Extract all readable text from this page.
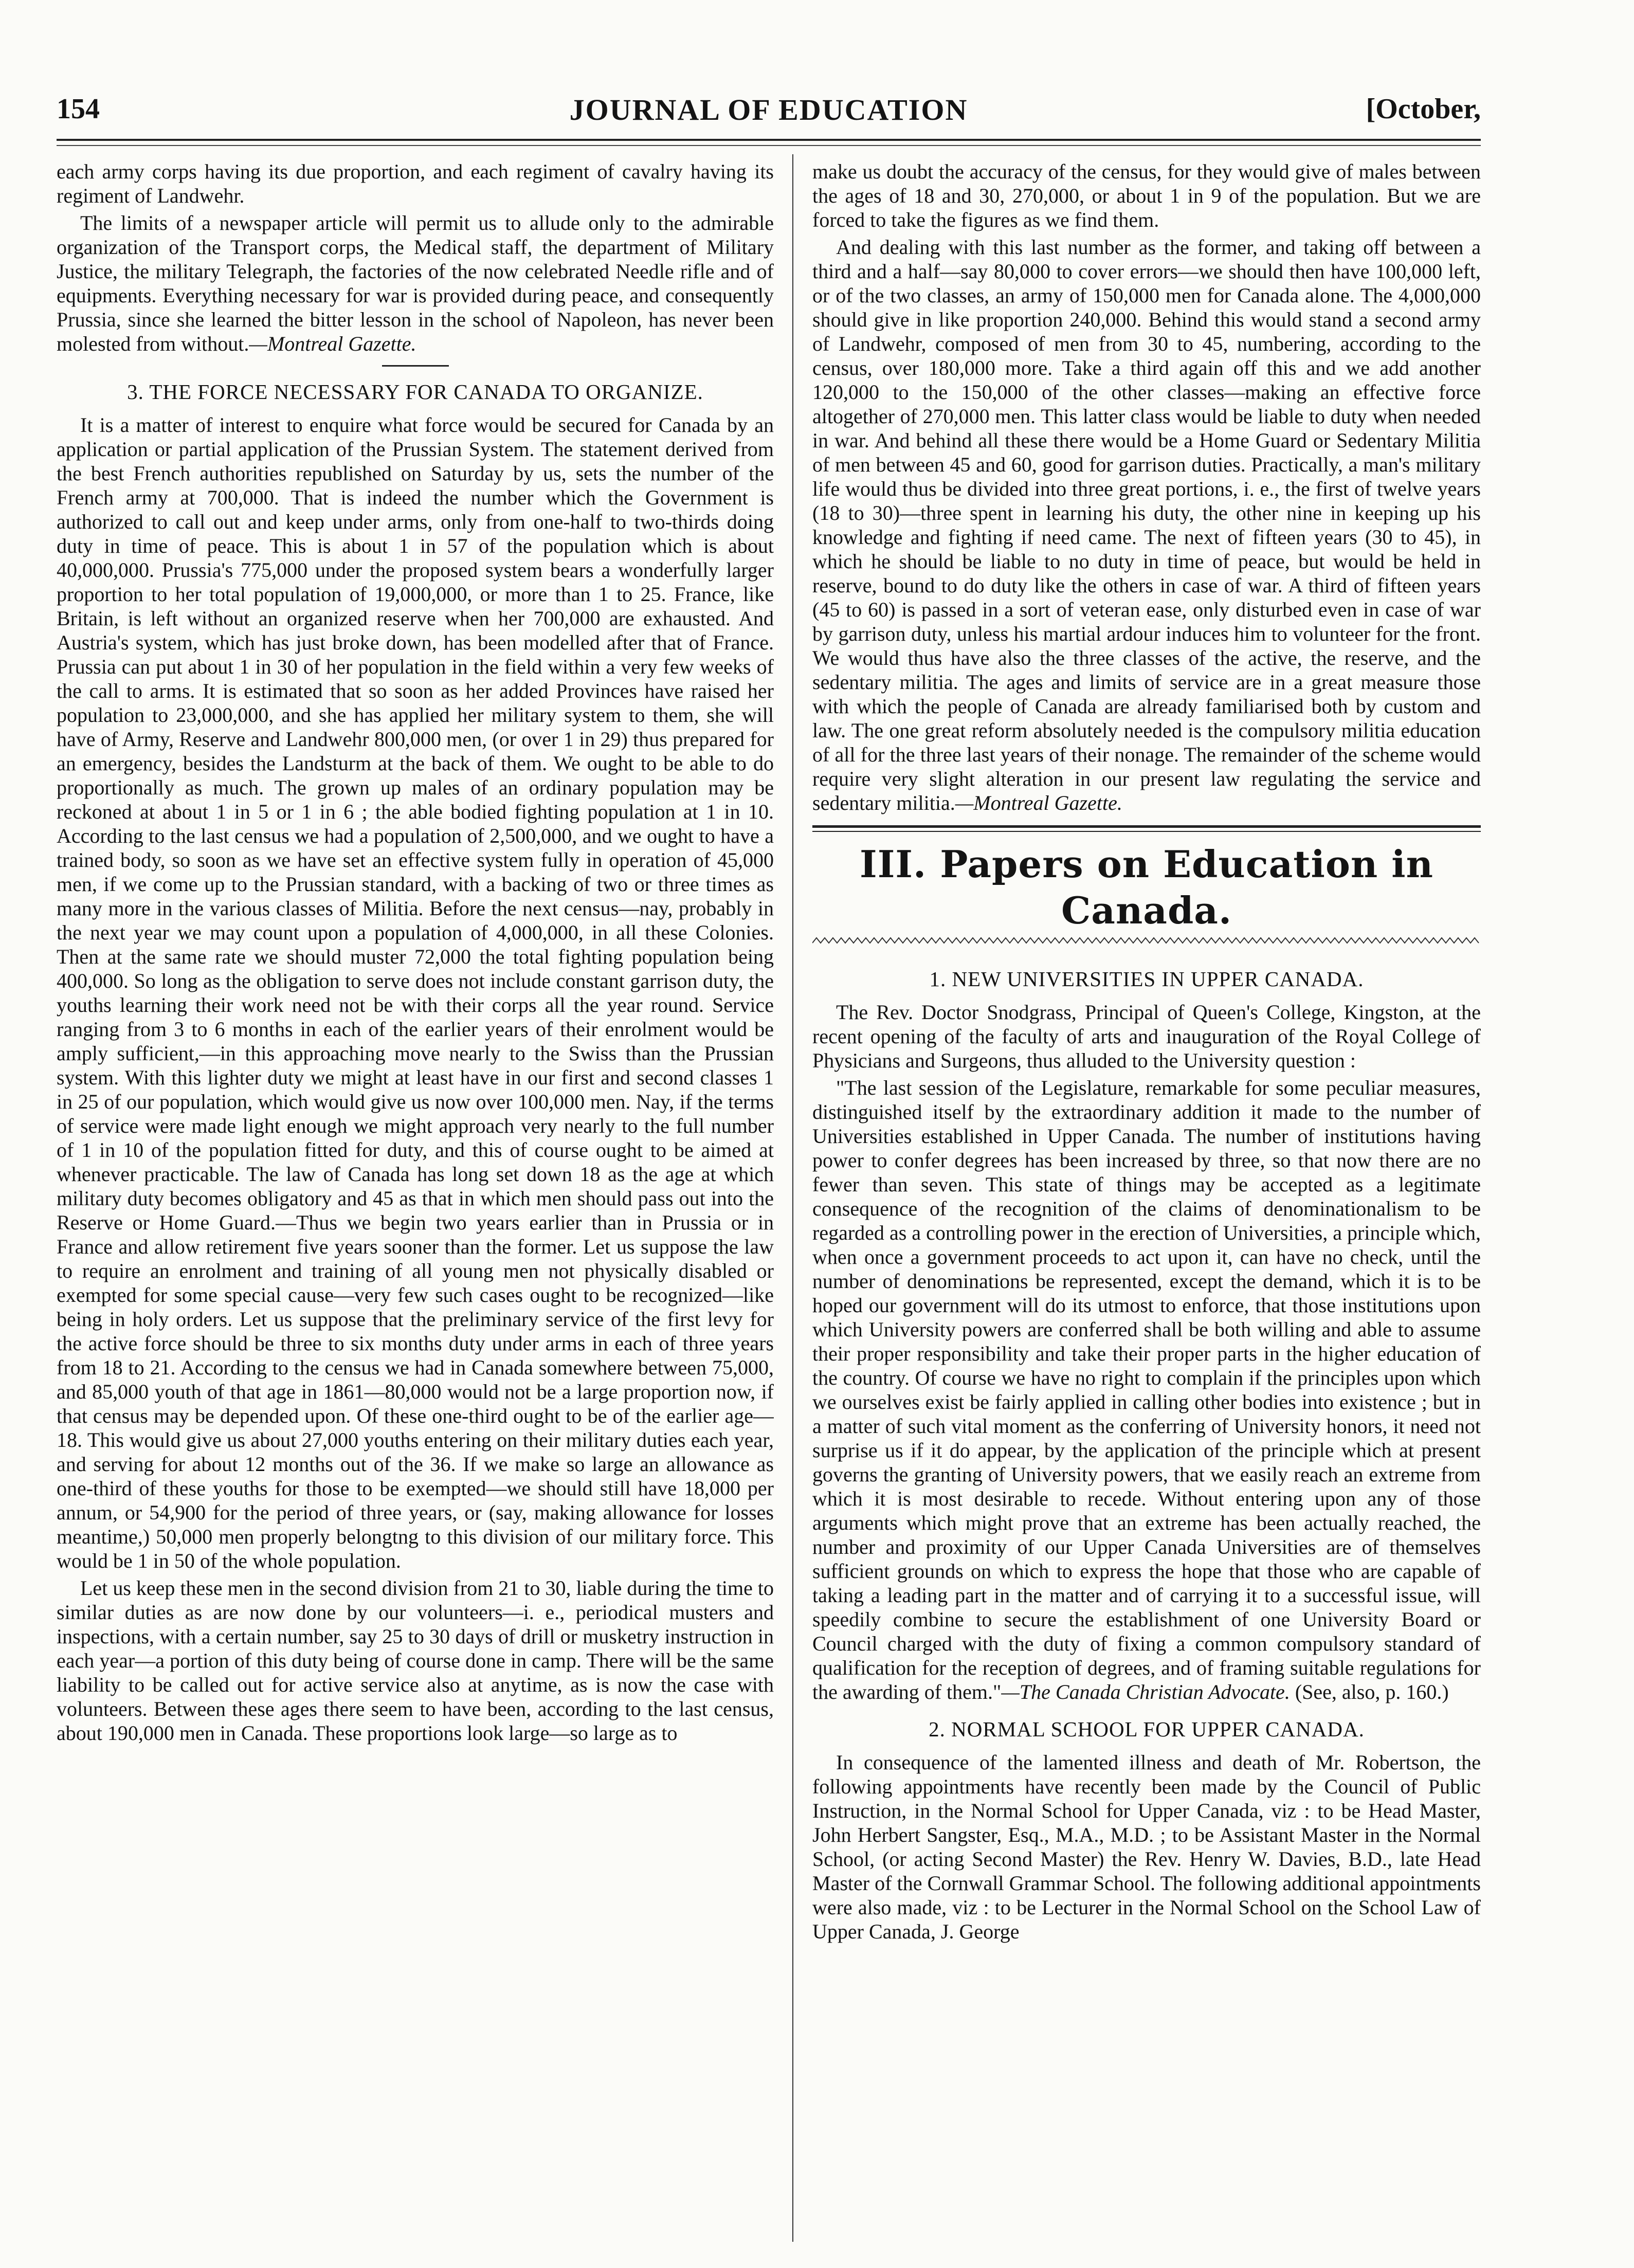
154	JOURNAL OF EDUCATION	[October,

each army corps having its due proportion, and each regiment of cavalry having its regiment of Landwehr.

The limits of a newspaper article will permit us to allude only to the admirable organization of the Transport corps, the Medical staff, the department of Military Justice, the military Telegraph, the factories of the now celebrated Needle rifle and of equipments. Everything necessary for war is provided during peace, and consequently Prussia, since she learned the bitter lesson in the school of Napoleon, has never been molested from without.—Montreal Gazette.

3. THE FORCE NECESSARY FOR CANADA TO ORGANIZE.

It is a matter of interest to enquire what force would be secured for Canada by an application or partial application of the Prussian System. The statement derived from the best French authorities republished on Saturday by us, sets the number of the French army at 700,000. That is indeed the number which the Government is authorized to call out and keep under arms, only from one-half to two-thirds doing duty in time of peace. This is about 1 in 57 of the population which is about 40,000,000. Prussia's 775,000 under the proposed system bears a wonderfully larger proportion to her total population of 19,000,000, or more than 1 to 25. France, like Britain, is left without an organized reserve when her 700,000 are exhausted. And Austria's system, which has just broke down, has been modelled after that of France. Prussia can put about 1 in 30 of her population in the field within a very few weeks of the call to arms. It is estimated that so soon as her added Provinces have raised her population to 23,000,000, and she has applied her military system to them, she will have of Army, Reserve and Landwehr 800,000 men, (or over 1 in 29) thus prepared for an emergency, besides the Landsturm at the back of them. We ought to be able to do proportionally as much. The grown up males of an ordinary population may be reckoned at about 1 in 5 or 1 in 6 ; the able bodied fighting population at 1 in 10. According to the last census we had a population of 2,500,000, and we ought to have a trained body, so soon as we have set an effective system fully in operation of 45,000 men, if we come up to the Prussian standard, with a backing of two or three times as many more in the various classes of Militia. Before the next census—nay, probably in the next year we may count upon a population of 4,000,000, in all these Colonies. Then at the same rate we should muster 72,000 the total fighting population being 400,000. So long as the obligation to serve does not include constant garrison duty, the youths learning their work need not be with their corps all the year round. Service ranging from 3 to 6 months in each of the earlier years of their enrolment would be amply sufficient,—in this approaching move nearly to the Swiss than the Prussian system. With this lighter duty we might at least have in our first and second classes 1 in 25 of our population, which would give us now over 100,000 men. Nay, if the terms of service were made light enough we might approach very nearly to the full number of 1 in 10 of the population fitted for duty, and this of course ought to be aimed at whenever practicable. The law of Canada has long set down 18 as the age at which military duty becomes obligatory and 45 as that in which men should pass out into the Reserve or Home Guard.—Thus we begin two years earlier than in Prussia or in France and allow retirement five years sooner than the former. Let us suppose the law to require an enrolment and training of all young men not physically disabled or exempted for some special cause—very few such cases ought to be recognized—like being in holy orders. Let us suppose that the preliminary service of the first levy for the active force should be three to six months duty under arms in each of three years from 18 to 21. According to the census we had in Canada somewhere between 75,000, and 85,000 youth of that age in 1861—80,000 would not be a large proportion now, if that census may be depended upon. Of these one-third ought to be of the earlier age—18. This would give us about 27,000 youths entering on their military duties each year, and serving for about 12 months out of the 36. If we make so large an allowance as one-third of these youths for those to be exempted—we should still have 18,000 per annum, or 54,900 for the period of three years, or (say, making allowance for losses meantime,) 50,000 men properly belongtng to this division of our military force. This would be 1 in 50 of the whole population.

Let us keep these men in the second division from 21 to 30, liable during the time to similar duties as are now done by our volunteers—i. e., periodical musters and inspections, with a certain number, say 25 to 30 days of drill or musketry instruction in each year—a portion of this duty being of course done in camp. There will be the same liability to be called out for active service also at anytime, as is now the case with volunteers. Between these ages there seem to have been, according to the last census, about 190,000 men in Canada. These proportions look large—so large as to

make us doubt the accuracy of the census, for they would give of males between the ages of 18 and 30, 270,000, or about 1 in 9 of the population. But we are forced to take the figures as we find them.

And dealing with this last number as the former, and taking off between a third and a half—say 80,000 to cover errors—we should then have 100,000 left, or of the two classes, an army of 150,000 men for Canada alone. The 4,000,000 should give in like proportion 240,000. Behind this would stand a second army of Landwehr, composed of men from 30 to 45, numbering, according to the census, over 180,000 more. Take a third again off this and we add another 120,000 to the 150,000 of the other classes—making an effective force altogether of 270,000 men. This latter class would be liable to duty when needed in war. And behind all these there would be a Home Guard or Sedentary Militia of men between 45 and 60, good for garrison duties. Practically, a man's military life would thus be divided into three great portions, i. e., the first of twelve years (18 to 30)—three spent in learning his duty, the other nine in keeping up his knowledge and fighting if need came. The next of fifteen years (30 to 45), in which he should be liable to no duty in time of peace, but would be held in reserve, bound to do duty like the others in case of war. A third of fifteen years (45 to 60) is passed in a sort of veteran ease, only disturbed even in case of war by garrison duty, unless his martial ardour induces him to volunteer for the front. We would thus have also the three classes of the active, the reserve, and the sedentary militia. The ages and limits of service are in a great measure those with which the people of Canada are already familiarised both by custom and law. The one great reform absolutely needed is the compulsory militia education of all for the three last years of their nonage. The remainder of the scheme would require very slight alteration in our present law regulating the service and sedentary militia.—Montreal Gazette.

III. Papers on Education in Canada.
1. NEW UNIVERSITIES IN UPPER CANADA.

The Rev. Doctor Snodgrass, Principal of Queen's College, Kingston, at the recent opening of the faculty of arts and inauguration of the Royal College of Physicians and Surgeons, thus alluded to the University question :

"The last session of the Legislature, remarkable for some peculiar measures, distinguished itself by the extraordinary addition it made to the number of Universities established in Upper Canada. The number of institutions having power to confer degrees has been increased by three, so that now there are no fewer than seven. This state of things may be accepted as a legitimate consequence of the recognition of the claims of denominationalism to be regarded as a controlling power in the erection of Universities, a principle which, when once a government proceeds to act upon it, can have no check, until the number of denominations be represented, except the demand, which it is to be hoped our government will do its utmost to enforce, that those institutions upon which University powers are conferred shall be both willing and able to assume their proper responsibility and take their proper parts in the higher education of the country. Of course we have no right to complain if the principles upon which we ourselves exist be fairly applied in calling other bodies into existence ; but in a matter of such vital moment as the conferring of University honors, it need not surprise us if it do appear, by the application of the principle which at present governs the granting of University powers, that we easily reach an extreme from which it is most desirable to recede. Without entering upon any of those arguments which might prove that an extreme has been actually reached, the number and proximity of our Upper Canada Universities are of themselves sufficient grounds on which to express the hope that those who are capable of taking a leading part in the matter and of carrying it to a successful issue, will speedily combine to secure the establishment of one University Board or Council charged with the duty of fixing a common compulsory standard of qualification for the reception of degrees, and of framing suitable regulations for the awarding of them."—The Canada Christian Advocate. (See, also, p. 160.)

2. NORMAL SCHOOL FOR UPPER CANADA.

In consequence of the lamented illness and death of Mr. Robertson, the following appointments have recently been made by the Council of Public Instruction, in the Normal School for Upper Canada, viz : to be Head Master, John Herbert Sangster, Esq., M.A., M.D. ; to be Assistant Master in the Normal School, (or acting Second Master) the Rev. Henry W. Davies, B.D., late Head Master of the Cornwall Grammar School. The following additional appointments were also made, viz : to be Lecturer in the Normal School on the School Law of Upper Canada, J. George
